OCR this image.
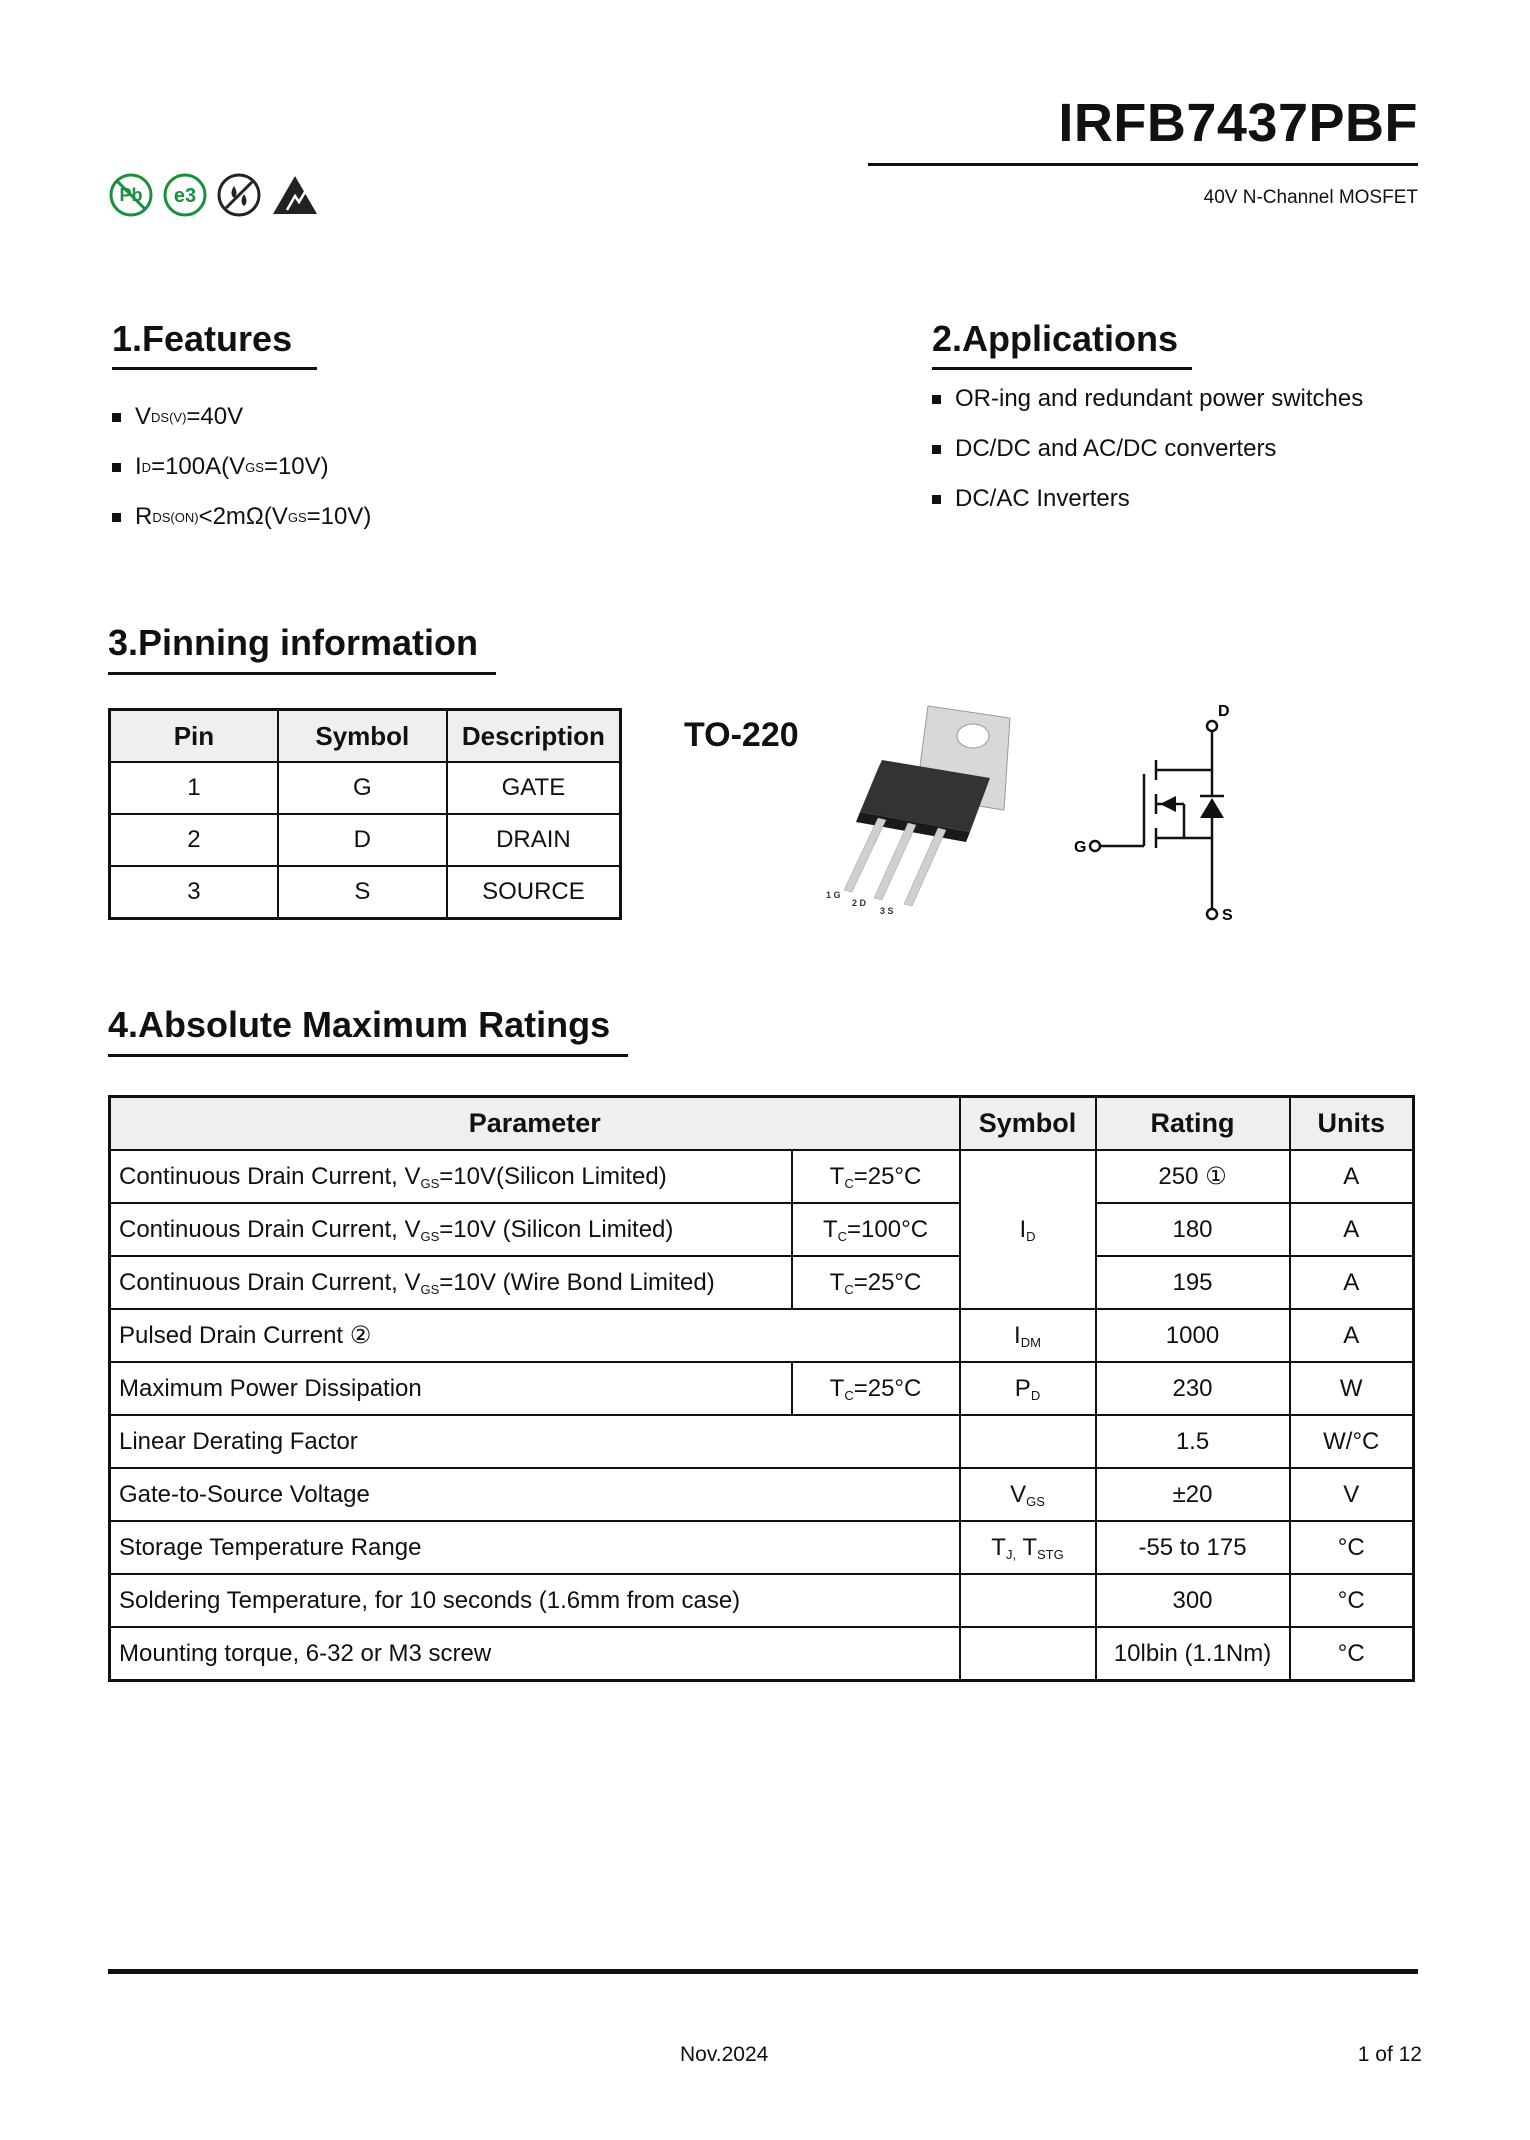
IRFB7437PBF
40V N-Channel MOSFET
Pb e3
1.Features
V DS(V) =40V
I D =100A(V GS =10V)
R DS(ON) <2mΩ(V GS =10V)
2.Applications
OR-ing and redundant power switches
DC/DC and AC/DC converters
DC/AC Inverters
3.Pinning information
Pin	Symbol	Description
1	G	GATE
2	D	DRAIN
3	S	SOURCE
TO-220
1 G
2 D
3 S
D
G
S
4.Absolute Maximum Ratings
Parameter		Symbol	Rating	Units
Continuous Drain Current, $V_{GS}=10V(Silicon$ Limited)	$T_C=25^\circ C$	$I_D$	250 ①	A
Continuous Drain Current, $V_{GS}=10V$ (Silicon Limited)	$T_C=100^\circ C$		180	A
Continuous Drain Current, $V_{GS}=10V$ (Wire Bond Limited)	$T_C=25^\circ C$		195	A
Pulsed Drain Current ②		$I_{DM}$	1000	A
Maximum Power Dissipation	$T_C=25^\circ C$	$P_D$	230	W
Linear Derating Factor			1.5	W/°C
Gate-to-Source Voltage		$V_{GS}$	±20	V
Storage Temperature Range		$T_{J,}$ $T_{STG}$	-55 to 175	°C
Soldering Temperature, for 10 seconds (1.6mm from case)			300	°C
Mounting torque, 6-32 or M3 screw			10lbin (1.1Nm)	°C
Nov.2024	1 of 12
